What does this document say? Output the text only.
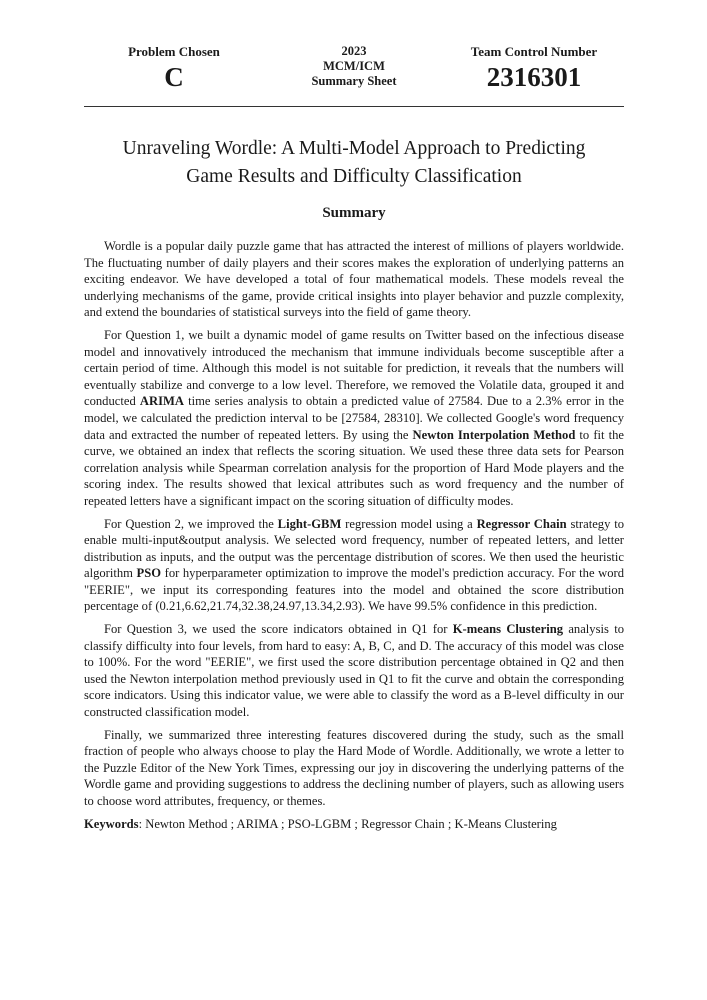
Problem Chosen
C
2023
MCM/ICM
Summary Sheet
Team Control Number
2316301
Unraveling Wordle: A Multi-Model Approach to Predicting
Game Results and Difficulty Classification
Summary

Wordle is a popular daily puzzle game that has attracted the interest of millions of players worldwide. The fluctuating number of daily players and their scores makes the exploration of underlying patterns an exciting endeavor. We have developed a total of four mathematical models. These models reveal the underlying mechanisms of the game, provide critical insights into player behavior and puzzle complexity, and extend the boundaries of statistical surveys into the field of game theory.

For Question 1, we built a dynamic model of game results on Twitter based on the infectious disease model and innovatively introduced the mechanism that immune individuals become susceptible after a certain period of time. Although this model is not suitable for prediction, it reveals that the numbers will eventually stabilize and converge to a low level. Therefore, we removed the Volatile data, grouped it and conducted ARIMA time series analysis to obtain a predicted value of 27584. Due to a 2.3% error in the model, we calculated the prediction interval to be [27584, 28310]. We collected Google's word frequency data and extracted the number of repeated letters. By using the Newton Interpolation Method to fit the curve, we obtained an index that reflects the scoring situation. We used these three data sets for Pearson correlation analysis while Spearman correlation analysis for the proportion of Hard Mode players and the scoring index. The results showed that lexical attributes such as word frequency and the number of repeated letters have a significant impact on the scoring situation of difficulty modes.

For Question 2, we improved the Light-GBM regression model using a Regressor Chain strategy to enable multi-input&output analysis. We selected word frequency, number of repeated letters, and letter distribution as inputs, and the output was the percentage distribution of scores. We then used the heuristic algorithm PSO for hyperparameter optimization to improve the model's prediction accuracy. For the word "EERIE", we input its corresponding features into the model and obtained the score distribution percentage of (0.21,6.62,21.74,32.38,24.97,13.34,2.93). We have 99.5% confidence in this prediction.

For Question 3, we used the score indicators obtained in Q1 for K-means Clustering analysis to classify difficulty into four levels, from hard to easy: A, B, C, and D. The accuracy of this model was close to 100%. For the word "EERIE", we first used the score distribution percentage obtained in Q2 and then used the Newton interpolation method previously used in Q1 to fit the curve and obtain the corresponding score indicators. Using this indicator value, we were able to classify the word as a B-level difficulty in our constructed classification model.

Finally, we summarized three interesting features discovered during the study, such as the small fraction of people who always choose to play the Hard Mode of Wordle. Additionally, we wrote a letter to the Puzzle Editor of the New York Times, expressing our joy in discovering the underlying patterns of the Wordle game and providing suggestions to address the declining number of players, such as allowing users to choose word attributes, frequency, or themes.

Keywords: Newton Method ; ARIMA ; PSO-LGBM ; Regressor Chain ; K-Means Clustering
